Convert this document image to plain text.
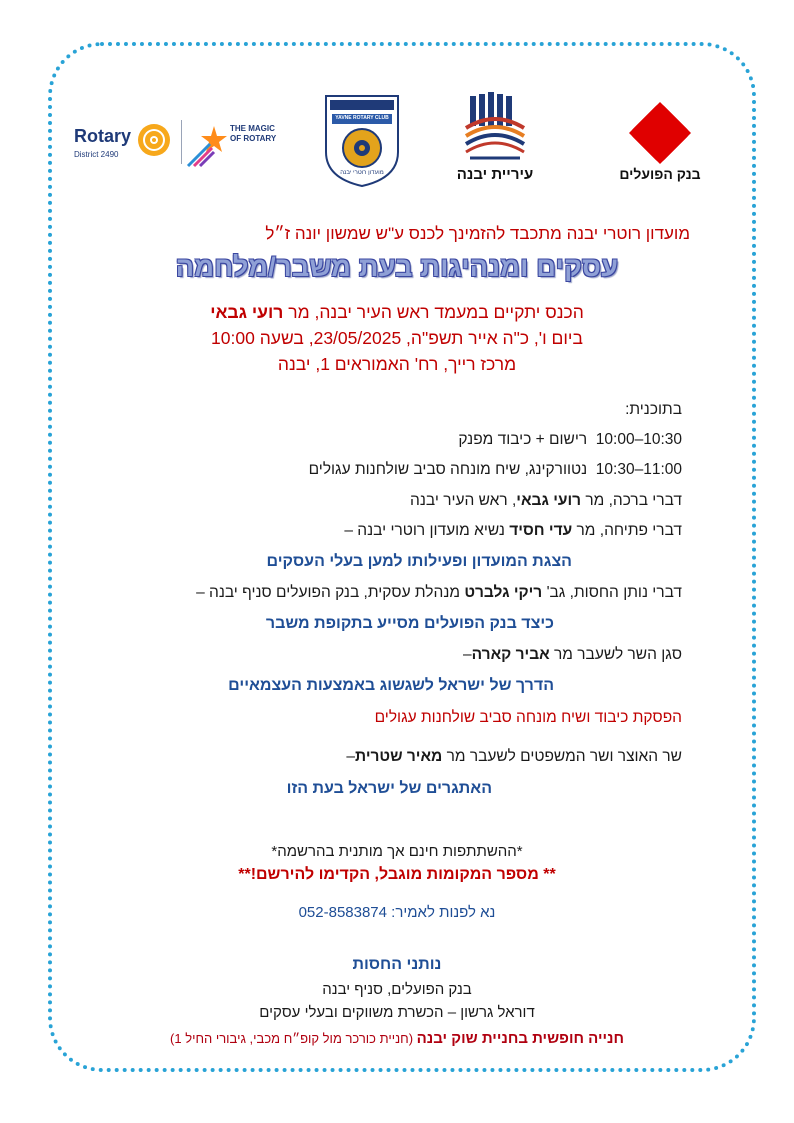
בנק הפועלים
עיריית יבנה
YAVNE ROTARY CLUB
מועדון רוטרי יבנה
THE MAGIC
OF ROTARY
Rotary
District 2490
מועדון רוטרי יבנה מתכבד להזמינך לכנס ע"ש שמשון יונה ז״ל
עסקים ומנהיגות בעת משבר/מלחמה
הכנס יתקיים במעמד ראש העיר יבנה, מר רועי גבאי
ביום ו', כ"ה אייר תשפ"ה, 23/05/2025, בשעה 10:00
מרכז רייך, רח' האמוראים 1, יבנה
בתוכנית:
10:00–10:30  רישום + כיבוד מפנק
10:30–11:00  נטוורקינג, שיח מונחה סביב שולחנות עגולים
דברי ברכה, מר רועי גבאי, ראש העיר יבנה
דברי פתיחה, מר עדי חסיד נשיא מועדון רוטרי יבנה –
הצגת המועדון ופעילותו למען בעלי העסקים
דברי נותן החסות, גב' ריקי גלברט מנהלת עסקית, בנק הפועלים סניף יבנה –
כיצד בנק הפועלים מסייע בתקופת משבר
סגן השר לשעבר מר אביר קארה–
הדרך של ישראל לשגשוג באמצעות העצמאיים
הפסקת כיבוד ושיח מונחה סביב שולחנות עגולים
שר האוצר ושר המשפטים לשעבר מר מאיר שטרית–
האתגרים של ישראל בעת הזו
*ההשתתפות חינם אך מותנית בהרשמה*
** מספר המקומות מוגבל, הקדימו להירשם!**
נא לפנות לאמיר: 052-8583874
נותני החסות
בנק הפועלים, סניף יבנה
דוראל גרשון – הכשרת משווקים ובעלי עסקים
חנייה חופשית בחניית שוק יבנה (חניית כורכר מול קופ״ח מכבי, גיבורי החיל 1)
